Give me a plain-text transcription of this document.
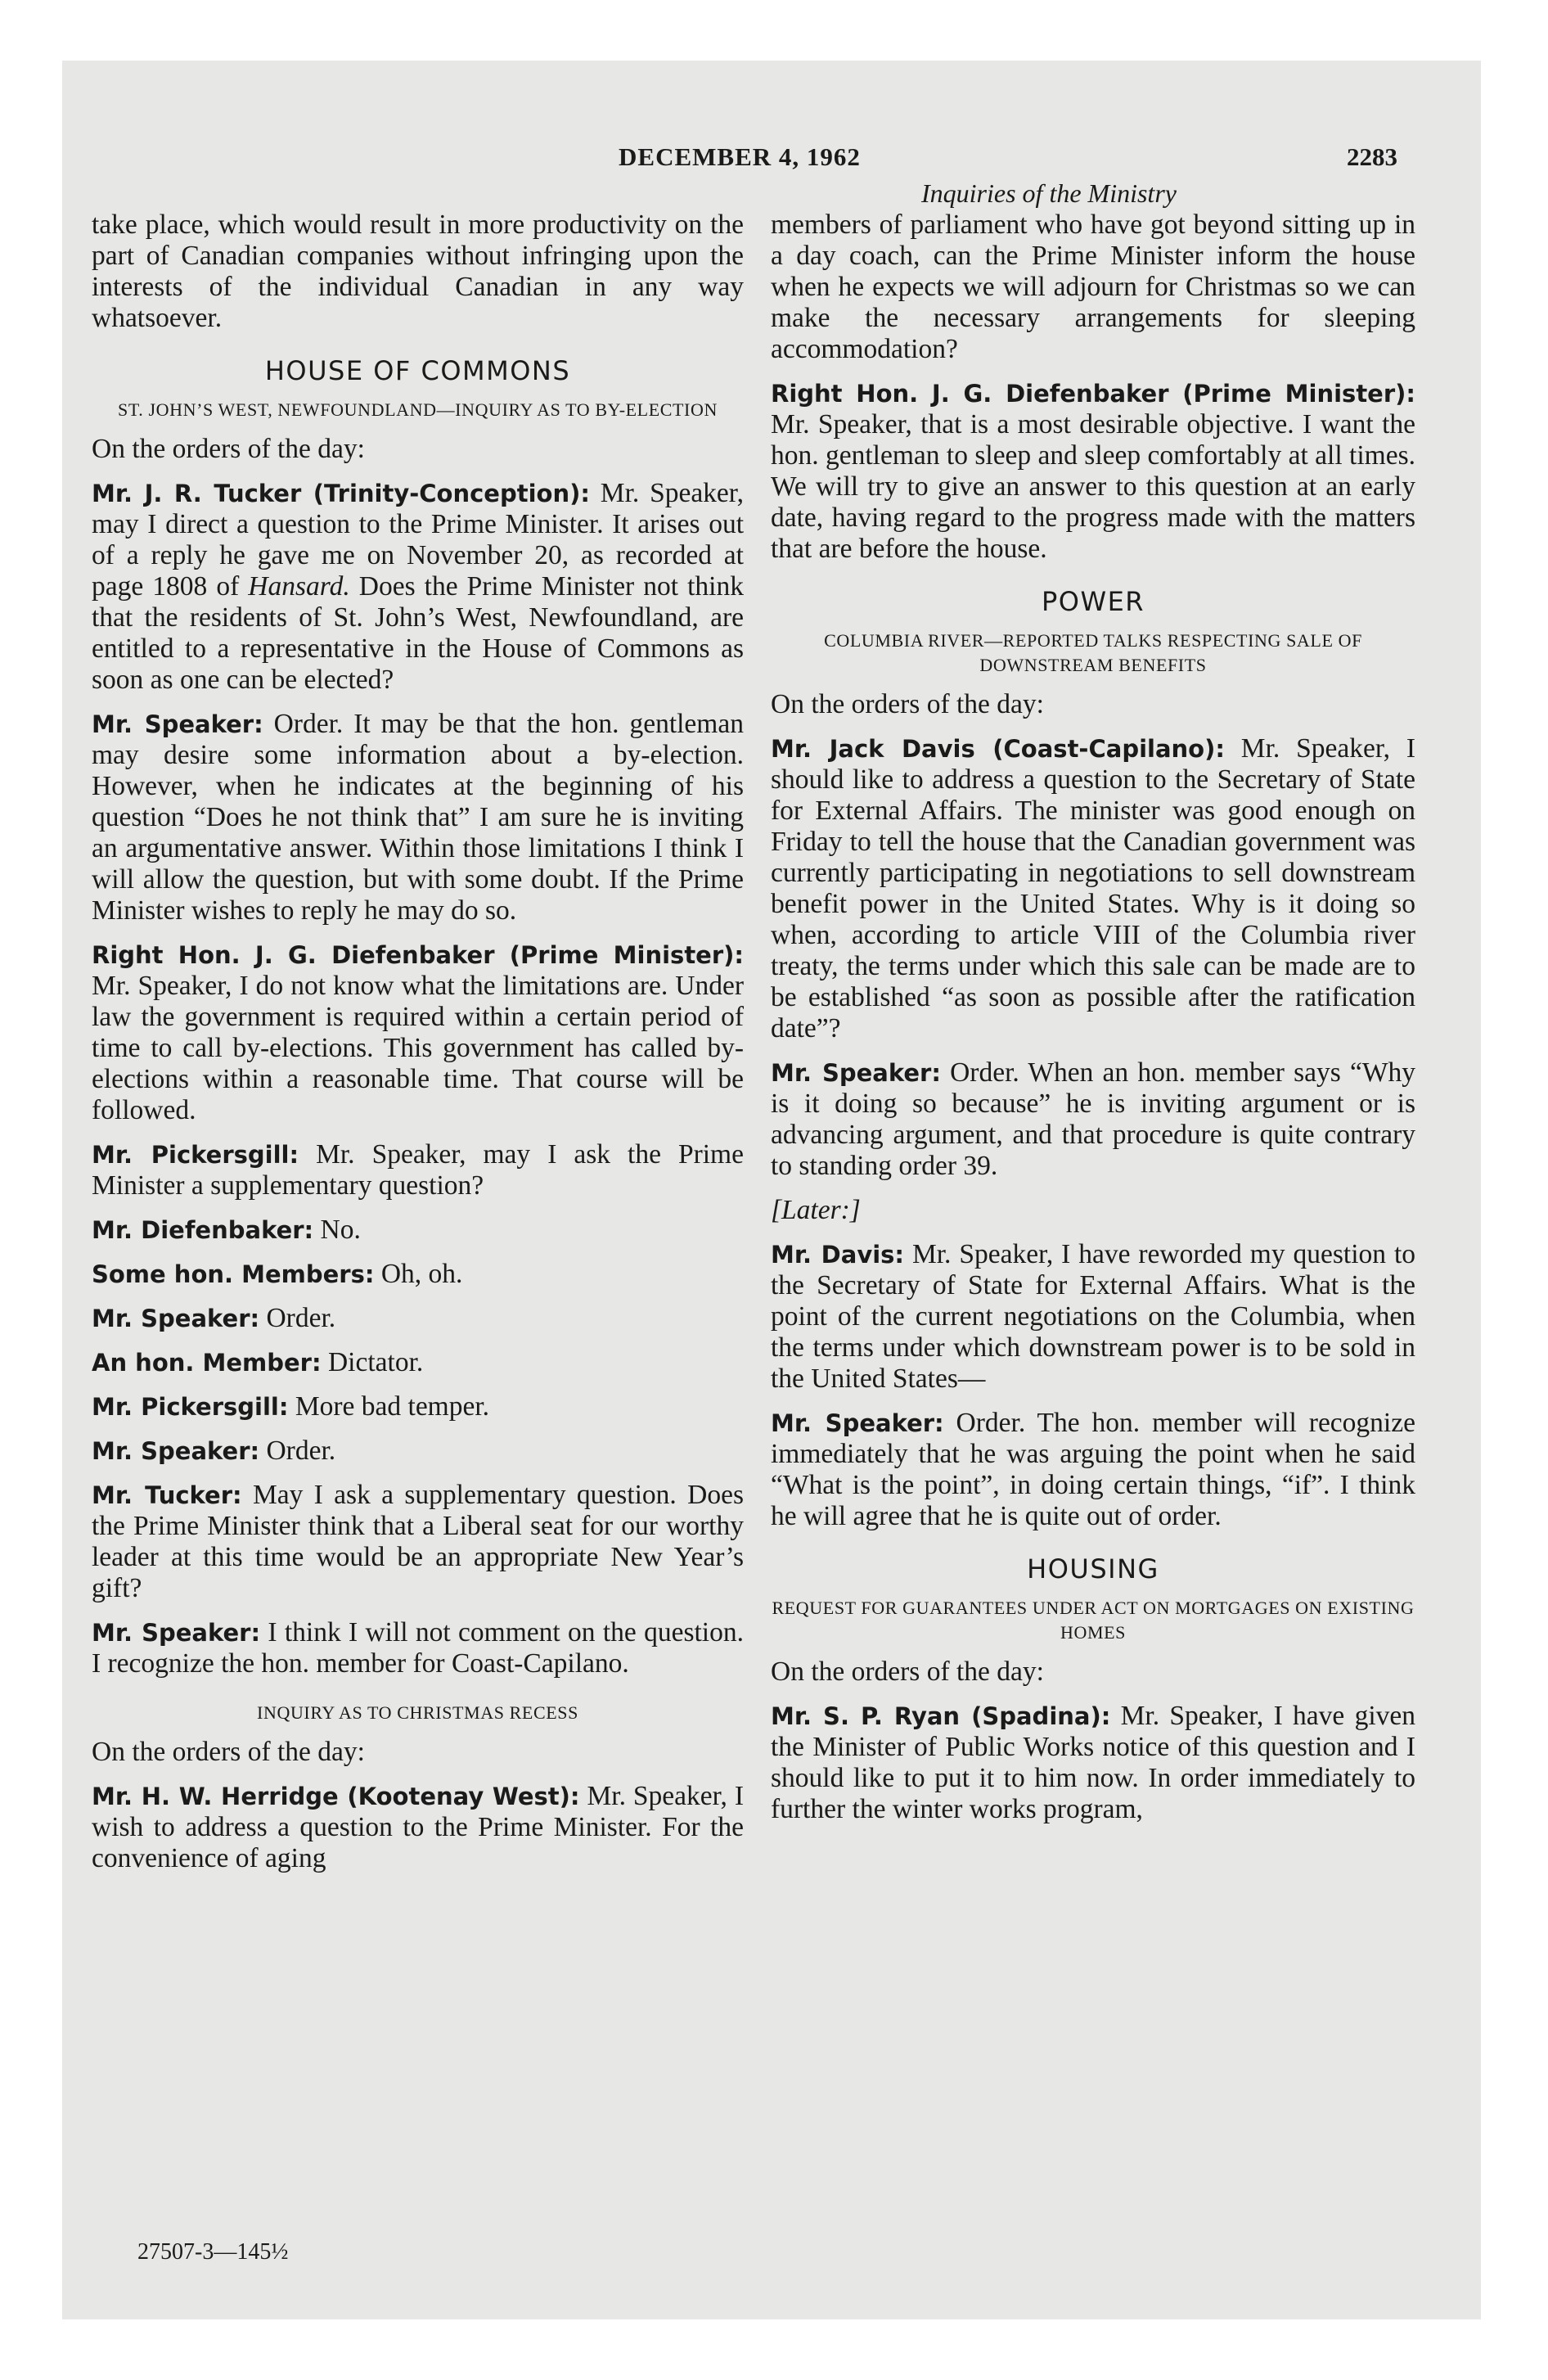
DECEMBER 4, 1962	2283
Inquiries of the Ministry

take place, which would result in more productivity on the part of Canadian companies without infringing upon the interests of the individual Canadian in any way whatsoever.

HOUSE OF COMMONS
ST. JOHN’S WEST, NEWFOUNDLAND—INQUIRY AS TO BY-ELECTION

On the orders of the day:

Mr. J. R. Tucker (Trinity-Conception): Mr. Speaker, may I direct a question to the Prime Minister. It arises out of a reply he gave me on November 20, as recorded at page 1808 of Hansard. Does the Prime Minister not think that the residents of St. John’s West, Newfoundland, are entitled to a representative in the House of Commons as soon as one can be elected?

Mr. Speaker: Order. It may be that the hon. gentleman may desire some information about a by-election. However, when he indicates at the beginning of his question “Does he not think that” I am sure he is inviting an argumentative answer. Within those limitations I think I will allow the question, but with some doubt. If the Prime Minister wishes to reply he may do so.

Right Hon. J. G. Diefenbaker (Prime Minister): Mr. Speaker, I do not know what the limitations are. Under law the government is required within a certain period of time to call by-elections. This government has called by-elections within a reasonable time. That course will be followed.

Mr. Pickersgill: Mr. Speaker, may I ask the Prime Minister a supplementary question?

Mr. Diefenbaker: No.

Some hon. Members: Oh, oh.

Mr. Speaker: Order.

An hon. Member: Dictator.

Mr. Pickersgill: More bad temper.

Mr. Speaker: Order.

Mr. Tucker: May I ask a supplementary question. Does the Prime Minister think that a Liberal seat for our worthy leader at this time would be an appropriate New Year’s gift?

Mr. Speaker: I think I will not comment on the question. I recognize the hon. member for Coast-Capilano.

INQUIRY AS TO CHRISTMAS RECESS

On the orders of the day:

Mr. H. W. Herridge (Kootenay West): Mr. Speaker, I wish to address a question to the Prime Minister. For the convenience of aging

members of parliament who have got beyond sitting up in a day coach, can the Prime Minister inform the house when he expects we will adjourn for Christmas so we can make the necessary arrangements for sleeping accommodation?

Right Hon. J. G. Diefenbaker (Prime Minister): Mr. Speaker, that is a most desirable objective. I want the hon. gentleman to sleep and sleep comfortably at all times. We will try to give an answer to this question at an early date, having regard to the progress made with the matters that are before the house.

POWER
COLUMBIA RIVER—REPORTED TALKS RESPECTING SALE OF DOWNSTREAM BENEFITS

On the orders of the day:

Mr. Jack Davis (Coast-Capilano): Mr. Speaker, I should like to address a question to the Secretary of State for External Affairs. The minister was good enough on Friday to tell the house that the Canadian government was currently participating in negotiations to sell downstream benefit power in the United States. Why is it doing so when, according to article VIII of the Columbia river treaty, the terms under which this sale can be made are to be established “as soon as possible after the ratification date”?

Mr. Speaker: Order. When an hon. member says “Why is it doing so because” he is inviting argument or is advancing argument, and that procedure is quite contrary to standing order 39.

[Later:]

Mr. Davis: Mr. Speaker, I have reworded my question to the Secretary of State for External Affairs. What is the point of the current negotiations on the Columbia, when the terms under which downstream power is to be sold in the United States—

Mr. Speaker: Order. The hon. member will recognize immediately that he was arguing the point when he said “What is the point”, in doing certain things, “if”. I think he will agree that he is quite out of order.

HOUSING
REQUEST FOR GUARANTEES UNDER ACT ON MORTGAGES ON EXISTING HOMES

On the orders of the day:

Mr. S. P. Ryan (Spadina): Mr. Speaker, I have given the Minister of Public Works notice of this question and I should like to put it to him now. In order immediately to further the winter works program,

27507-3—145½
